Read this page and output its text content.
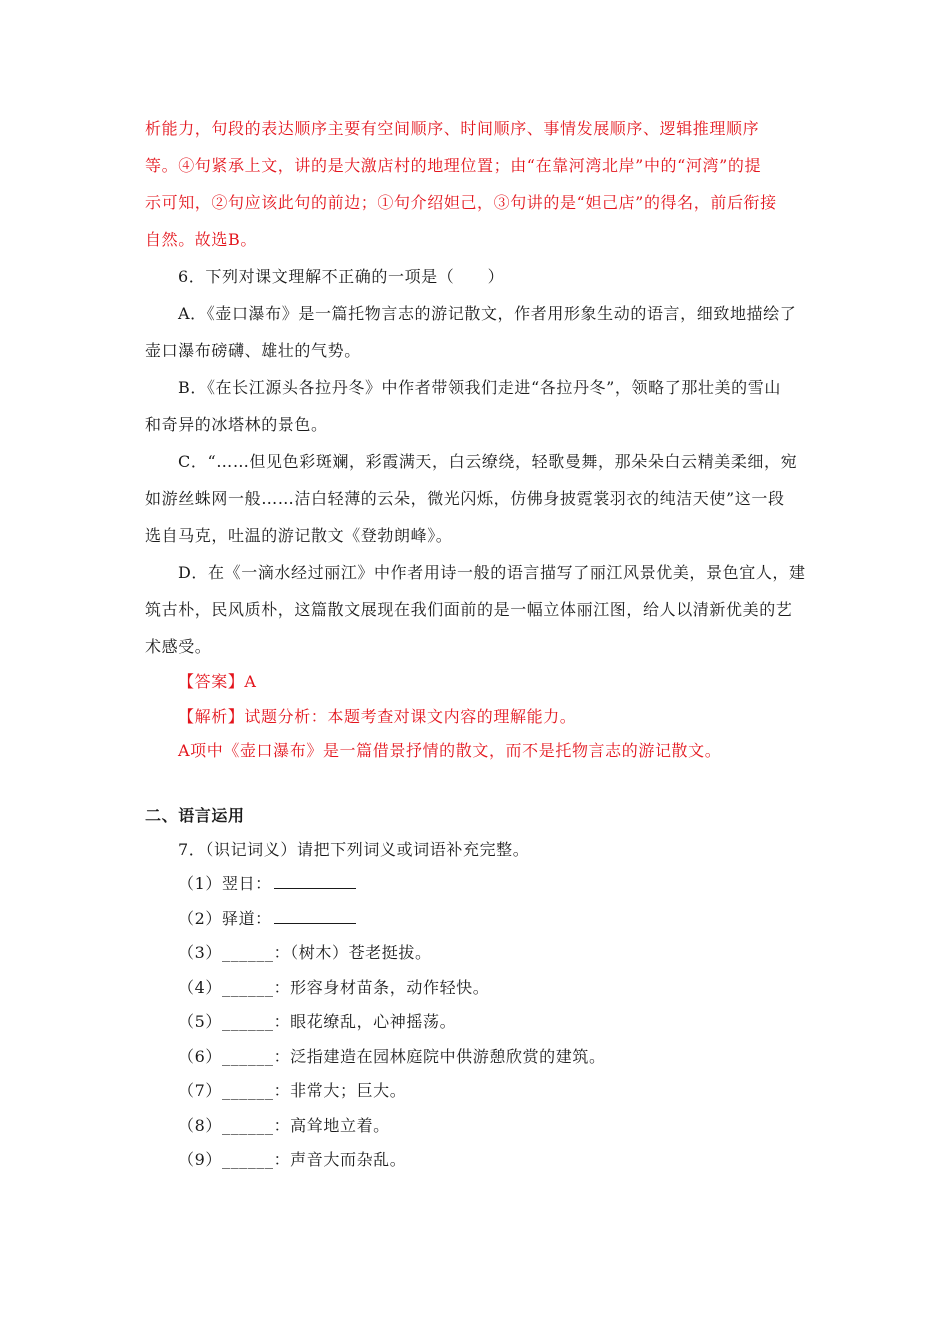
析能力，句段的表达顺序主要有空间顺序、时间顺序、事情发展顺序、逻辑推理顺序
等。④句紧承上文，讲的是大激店村的地理位置；由“在靠河湾北岸”中的“河湾”的提
示可知，②句应该此句的前边；①句介绍妲己，③句讲的是“妲己店”的得名，前后衔接
自然。故选B。
6．下列对课文理解不正确的一项是（　　）
A．《壶口瀑布》是一篇托物言志的游记散文，作者用形象生动的语言，细致地描绘了
壶口瀑布磅礴、雄壮的气势。
B．《在长江源头各拉丹冬》中作者带领我们走进“各拉丹冬”，领略了那壮美的雪山
和奇异的冰塔林的景色。
C．“……但见色彩斑斓，彩霞满天，白云缭绕，轻歌曼舞，那朵朵白云精美柔细，宛
如游丝蛛网一般……洁白轻薄的云朵，微光闪烁，仿佛身披霓裳羽衣的纯洁天使”这一段
选自马克，吐温的游记散文《登勃朗峰》。
D．在《一滴水经过丽江》中作者用诗一般的语言描写了丽江风景优美，景色宜人，建
筑古朴，民风质朴，这篇散文展现在我们面前的是一幅立体丽江图，给人以清新优美的艺
术感受。
【答案】A
【解析】试题分析：本题考查对课文内容的理解能力。
A项中《壶口瀑布》是一篇借景抒情的散文，而不是托物言志的游记散文。
二、语言运用
7．（识记词义）请把下列词义或词语补充完整。
（1）翌日：
（2）驿道：
（3）______：（树木）苍老挺拔。
（4）______：形容身材苗条，动作轻快。
（5）______：眼花缭乱，心神摇荡。
（6）______：泛指建造在园林庭院中供游憩欣赏的建筑。
（7）______：非常大；巨大。
（8）______：高耸地立着。
（9）______：声音大而杂乱。
